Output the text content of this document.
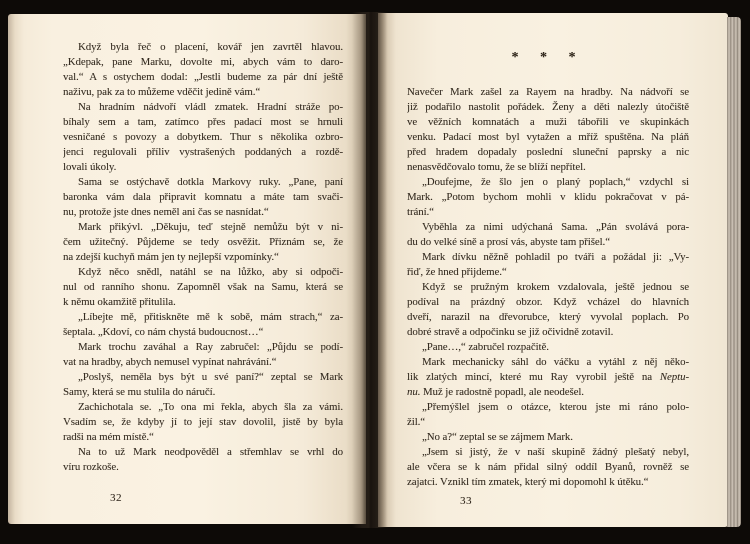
Když byla řeč o placení, kovář jen zavrtěl hlavou.
„Kdepak, pane Marku, dovolte mi, abych vám to daro-
val.“ A s ostychem dodal: „Jestli budeme za pár dní ještě
naživu, pak za to můžeme vděčit jedině vám.“
Na hradním nádvoří vládl zmatek. Hradní stráže po-
bíhaly sem a tam, zatímco přes padací most se hrnuli
vesničané s povozy a dobytkem. Thur s několika ozbro-
jenci regulovali příliv vystrašených poddaných a rozdě-
lovali úkoly.
Sama se ostýchavě dotkla Markovy ruky. „Pane, paní
baronka vám dala připravit komnatu a máte tam svači-
nu, protože jste dnes neměl ani čas se nasnídat.“
Mark přikývl. „Děkuju, teď stejně nemůžu být v ni-
čem užitečný. Půjdeme se tedy osvěžit. Přiznám se, že
na zdejší kuchyň mám jen ty nejlepší vzpomínky.“
Když něco snědl, natáhl se na lůžko, aby si odpoči-
nul od ranního shonu. Zapomněl však na Samu, která se
k němu okamžitě přitulila.
„Líbejte mě, přitiskněte mě k sobě, mám strach,“ za-
šeptala. „Kdoví, co nám chystá budoucnost…“
Mark trochu zaváhal a Ray zabručel: „Půjdu se podí-
vat na hradby, abych nemusel vypínat nahrávání.“
„Poslyš, neměla bys být u své paní?“ zeptal se Mark
Samy, která se mu stulila do náručí.
Zachichotala se. „To ona mi řekla, abych šla za vámi.
Vsadím se, že kdyby jí to její stav dovolil, jistě by byla
radši na mém místě.“
Na to už Mark neodpověděl a střemhlav se vrhl do
víru rozkoše.
32
* * *
Navečer Mark zašel za Rayem na hradby. Na nádvoří se
již podařilo nastolit pořádek. Ženy a děti nalezly útočiště
ve věžních komnatách a muži tábořili ve skupinkách
venku. Padací most byl vytažen a mříž spuštěna. Na pláň
před hradem dopadaly poslední sluneční paprsky a nic
nenasvědčovalo tomu, že se blíží nepřítel.
„Doufejme, že šlo jen o planý poplach,“ vzdychl si
Mark. „Potom bychom mohli v klidu pokračovat v pá-
trání.“
Vyběhla za nimi udýchaná Sama. „Pán svolává pora-
du do velké síně a prosí vás, abyste tam přišel.“
Mark dívku něžně pohladil po tváři a požádal ji: „Vy-
řiď, že hned přijdeme.“
Když se pružným krokem vzdalovala, ještě jednou se
podíval na prázdný obzor. Když vcházel do hlavních
dveří, narazil na dřevorubce, který vyvolal poplach. Po
dobré stravě a odpočinku se již očividně zotavil.
„Pane…,“ zabručel rozpačitě.
Mark mechanicky sáhl do váčku a vytáhl z něj něko-
lik zlatých mincí, které mu Ray vyrobil ještě na Neptu-
nu. Muž je radostně popadl, ale neodešel.
„Přemýšlel jsem o otázce, kterou jste mi ráno polo-
žil.“
„No a?“ zeptal se se zájmem Mark.
„Jsem si jistý, že v naší skupině žádný plešatý nebyl,
ale včera se k nám přidal silný oddíl Byanů, rovněž se
zajatci. Vznikl tím zmatek, který mi dopomohl k útěku.“
33
